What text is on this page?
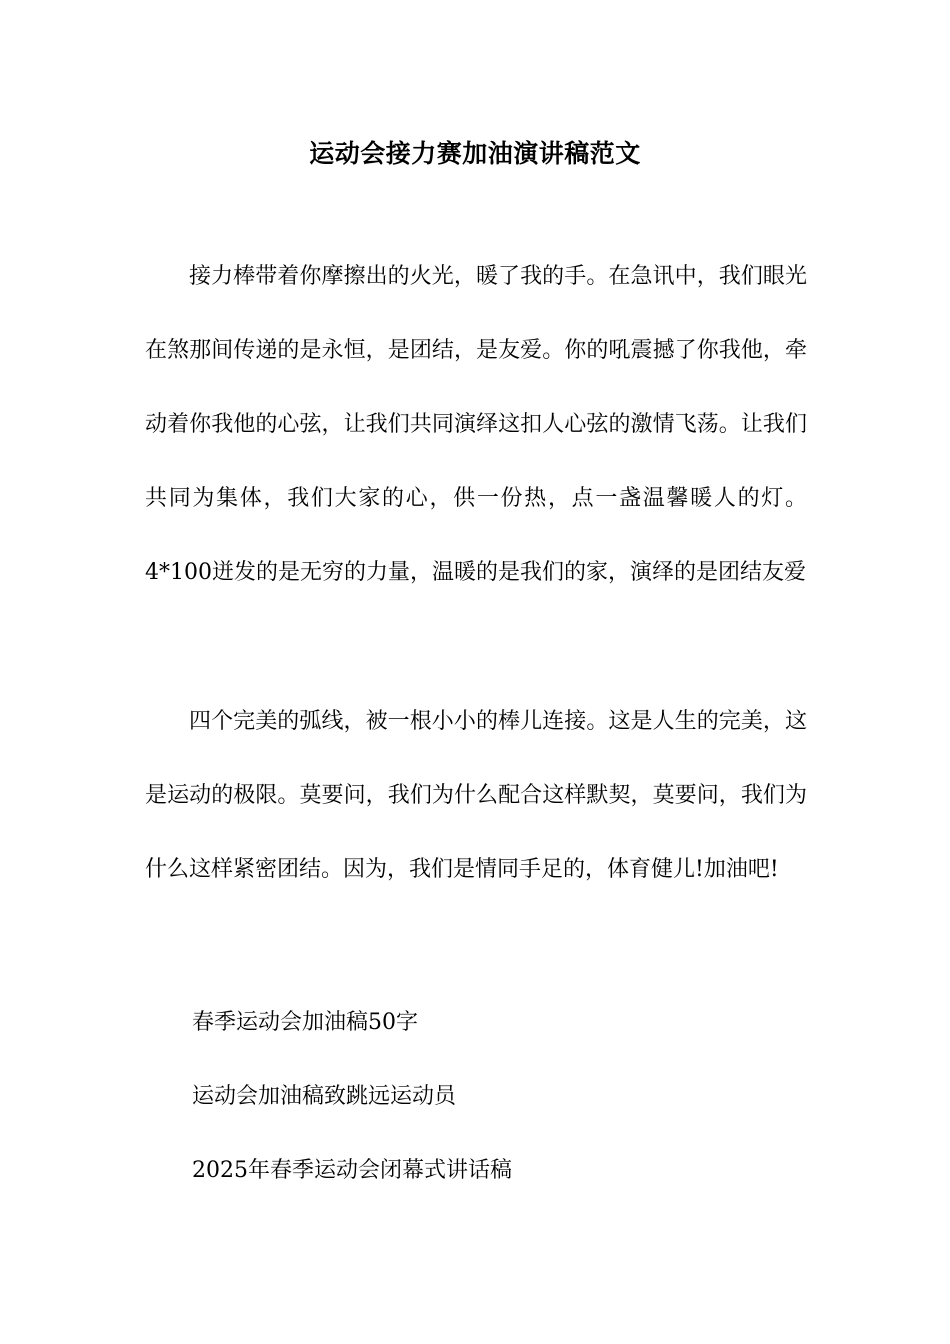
运动会接力赛加油演讲稿范文

接力棒带着你摩擦出的火光，暖了我的手。在急讯中，我们眼光在煞那间传递的是永恒，是团结，是友爱。你的吼震撼了你我他，牵动着你我他的心弦，让我们共同演绎这扣人心弦的激情飞荡。让我们共同为集体，我们大家的心，供一份热，点一盏温馨暖人的灯。4*100迸发的是无穷的力量，温暖的是我们的家，演绎的是团结友爱

四个完美的弧线，被一根小小的棒儿连接。这是人生的完美，这是运动的极限。莫要问，我们为什么配合这样默契，莫要问，我们为什么这样紧密团结。因为，我们是情同手足的，体育健儿!加油吧!

春季运动会加油稿50字
运动会加油稿致跳远运动员
2025年春季运动会闭幕式讲话稿
